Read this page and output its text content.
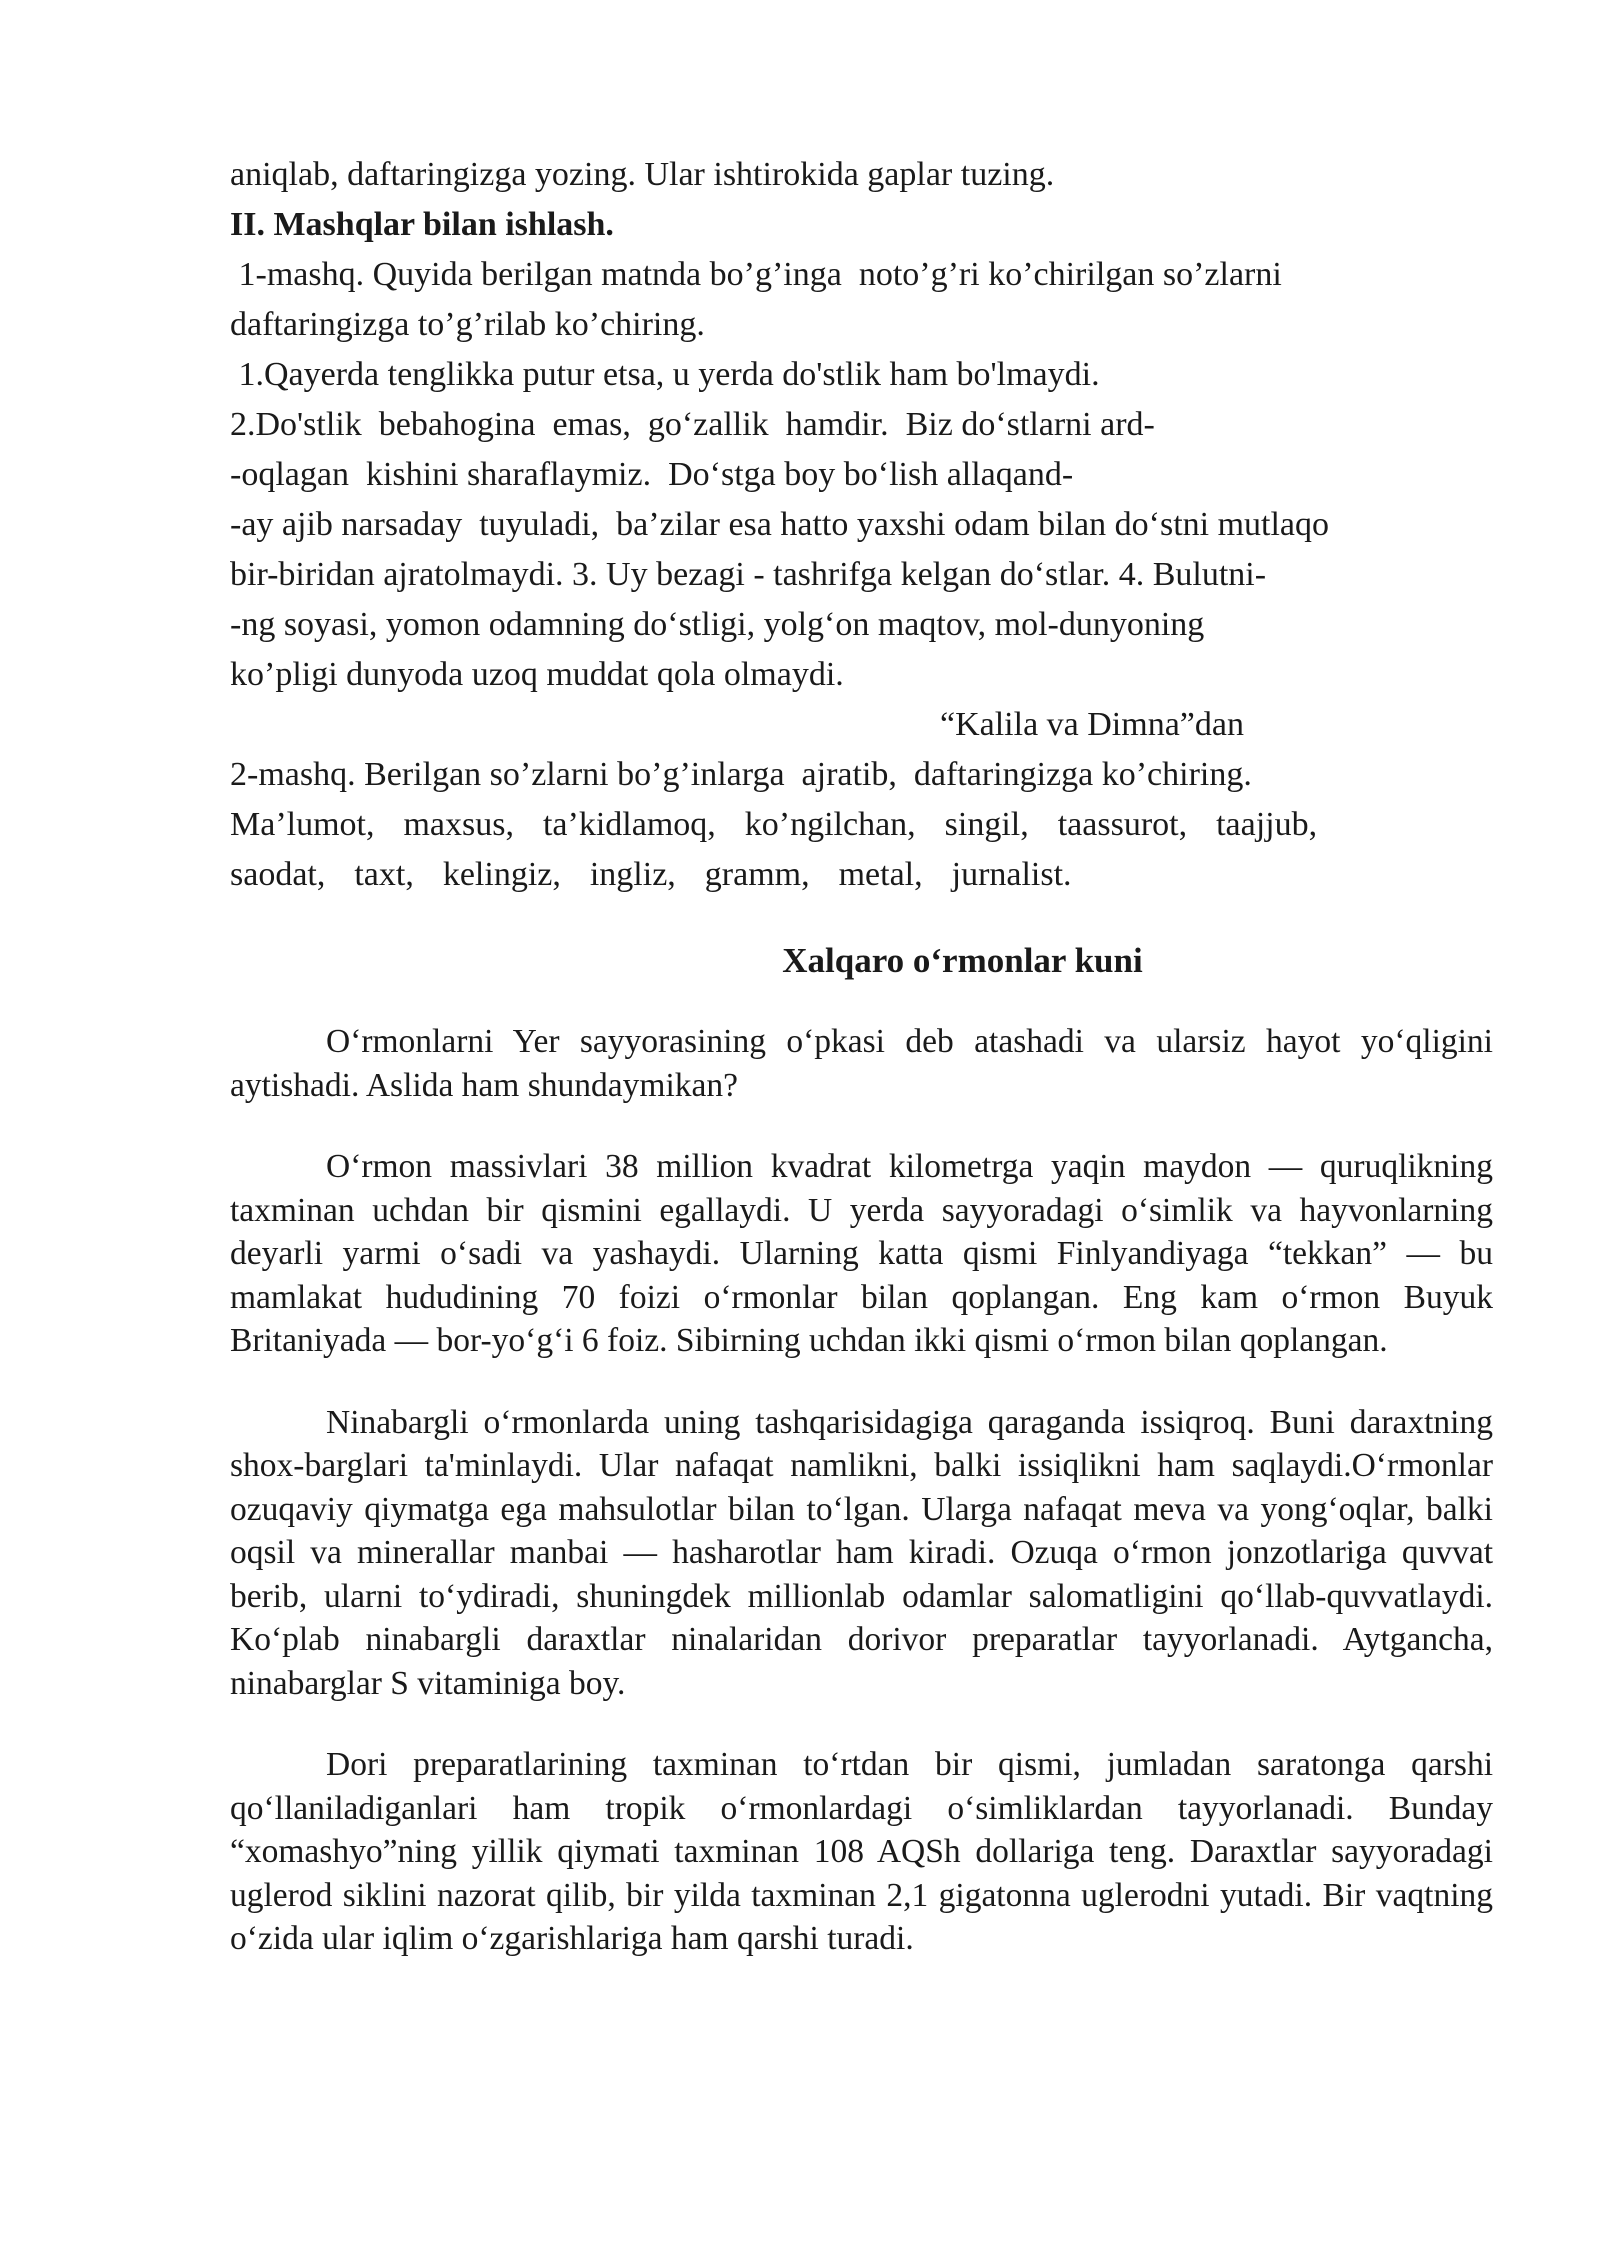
aniqlab, daftaringizga yozing. Ular ishtirokida gaplar tuzing.
II. Mashqlar bilan ishlash.
1-mashq. Quyida berilgan matnda bo’g’inga  noto’g’ri ko’chirilgan so’zlarni
daftaringizga to’g’rilab ko’chiring.
1.Qayerda tenglikka putur etsa, u yerda do'stlik ham bo'lmaydi.
2.Do'stlik  bebahogina  emas,  go‘zallik  hamdir.  Biz do‘stlarni ard-
-oqlagan  kishini sharaflaymiz.  Do‘stga boy bo‘lish allaqand-
-ay ajib narsaday  tuyuladi,  ba’zilar esa hatto yaxshi odam bilan do‘stni mutlaqo
bir-biridan ajratolmaydi. 3. Uy bezagi - tashrifga kelgan do‘stlar. 4. Bulutni-
-ng soyasi, yomon odamning do‘stligi, yolg‘on maqtov, mol-dunyoning
ko’pligi dunyoda uzoq muddat qola olmaydi.
“Kalila va Dimna”dan
2-mashq. Berilgan so’zlarni bo’g’inlarga  ajratib,  daftaringizga ko’chiring.
Ma’lumot,  maxsus,  ta’kidlamoq,  ko’ngilchan,  singil,  taassurot,  taajjub,
saodat,  taxt,  kelingiz,  ingliz,  gramm,  metal,  jurnalist.
Xalqaro o‘rmonlar kuni

O‘rmonlarni Yer sayyorasining o‘pkasi deb atashadi va ularsiz hayot yo‘qligini aytishadi. Aslida ham shundaymikan?

O‘rmon massivlari 38 million kvadrat kilometrga yaqin maydon — quruqlikning taxminan uchdan bir qismini egallaydi. U yerda sayyoradagi o‘simlik va hayvonlarning deyarli yarmi o‘sadi va yashaydi. Ularning katta qismi Finlyandiyaga “tekkan” — bu mamlakat hududining 70 foizi o‘rmonlar bilan qoplangan. Eng kam o‘rmon Buyuk Britaniyada — bor-yo‘g‘i 6 foiz. Sibirning uchdan ikki qismi o‘rmon bilan qoplangan.

Ninabargli o‘rmonlarda uning tashqarisidagiga qaraganda issiqroq. Buni daraxtning shox-barglari ta'minlaydi. Ular nafaqat namlikni, balki issiqlikni ham saqlaydi.O‘rmonlar ozuqaviy qiymatga ega mahsulotlar bilan to‘lgan. Ularga nafaqat meva va yong‘oqlar, balki oqsil va minerallar manbai — hasharotlar ham kiradi. Ozuqa o‘rmon jonzotlariga quvvat berib, ularni to‘ydiradi, shuningdek millionlab odamlar salomatligini qo‘llab-quvvatlaydi. Ko‘plab ninabargli daraxtlar ninalaridan dorivor preparatlar tayyorlanadi. Aytgancha, ninabarglar S vitaminiga boy.

Dori preparatlarining taxminan to‘rtdan bir qismi, jumladan saratonga qarshi qo‘llaniladiganlari ham tropik o‘rmonlardagi o‘simliklardan tayyorlanadi. Bunday “xomashyo”ning yillik qiymati taxminan 108 AQSh dollariga teng. Daraxtlar sayyoradagi uglerod siklini nazorat qilib, bir yilda taxminan 2,1 gigatonna uglerodni yutadi. Bir vaqtning o‘zida ular iqlim o‘zgarishlariga ham qarshi turadi.
